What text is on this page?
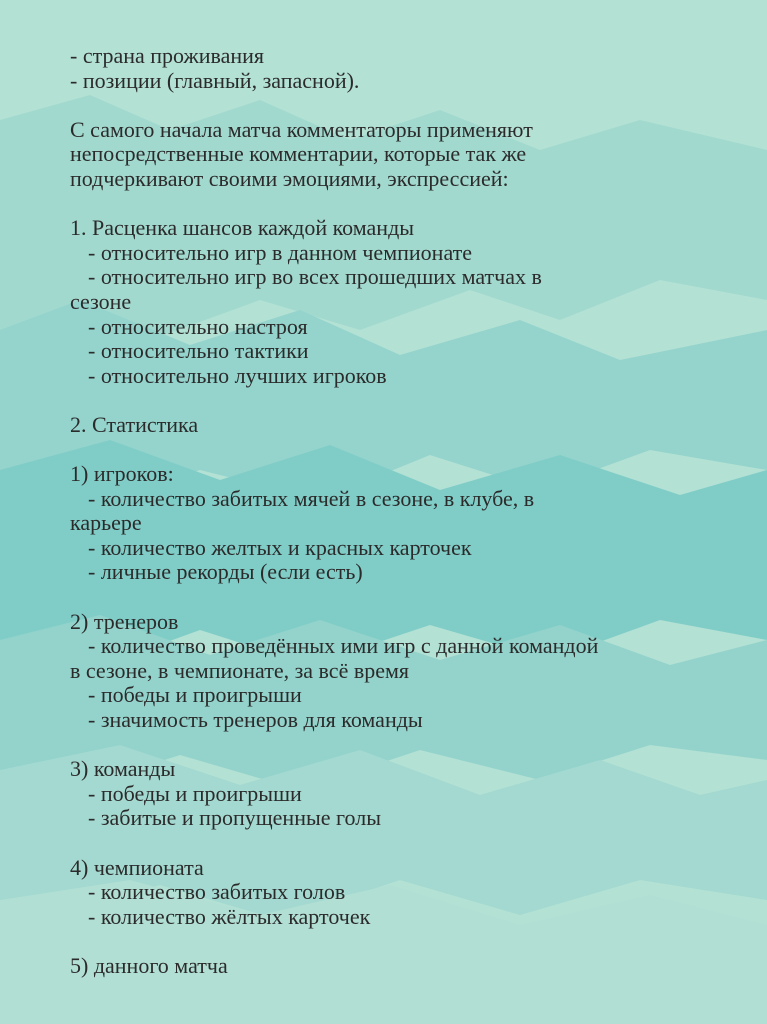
- страна проживания
- позиции (главный, запасной).
С самого начала матча комментаторы применяют
непосредственные комментарии, которые так же
подчеркивают своими эмоциями, экспрессией:
1. Расценка шансов каждой команды
- относительно игр в данном чемпионате
- относительно игр во всех прошедших матчах в
сезоне
- относительно настроя
- относительно тактики
- относительно лучших игроков
2. Статистика
1) игроков:
- количество забитых мячей в сезоне, в клубе, в
карьере
- количество желтых и красных карточек
- личные рекорды (если есть)
2) тренеров
- количество проведённых ими игр с данной командой
в сезоне, в чемпионате, за всё время
- победы и проигрыши
- значимость тренеров для команды
3) команды
- победы и проигрыши
- забитые и пропущенные голы
4) чемпионата
- количество забитых голов
- количество жёлтых карточек
5) данного матча
